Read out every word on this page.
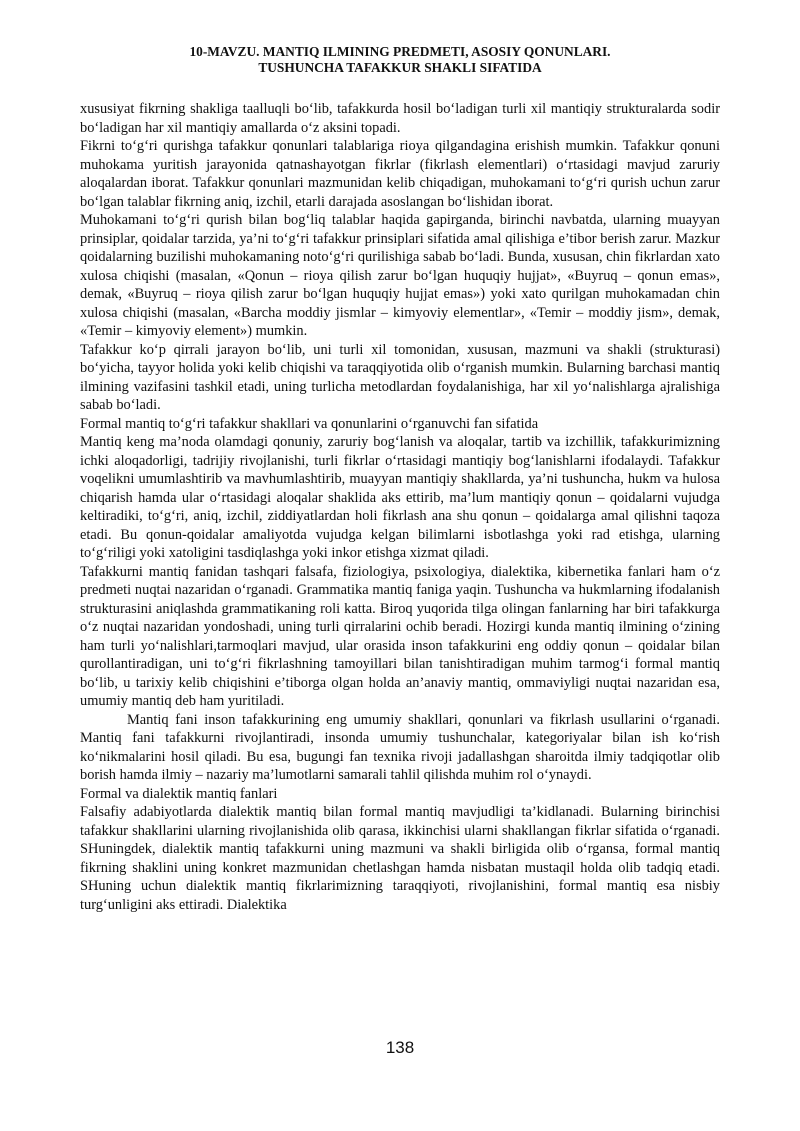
10-MAVZU. MANTIQ ILMINING PREDMETI, ASOSIY QONUNLARI.
TUSHUNCHA TAFAKKUR SHAKLI SIFATIDA

xususiyat fikrning shakliga taalluqli bo‘lib, tafakkurda hosil bo‘ladigan turli xil mantiqiy strukturalarda sodir bo‘ladigan har xil mantiqiy amallarda o‘z aksini topadi.

Fikrni to‘g‘ri qurishga tafakkur qonunlari talablariga rioya qilgandagina erishish mumkin. Tafakkur qonuni muhokama yuritish jarayonida qatnashayotgan fikrlar (fikrlash elementlari) o‘rtasidagi mavjud zaruriy aloqalardan iborat. Tafakkur qonunlari mazmunidan kelib chiqadigan, muhokamani to‘g‘ri qurish uchun zarur bo‘lgan talablar fikrning aniq, izchil, etarli darajada asoslangan bo‘lishidan iborat.

Muhokamani to‘g‘ri qurish bilan bog‘liq talablar haqida gapirganda, birinchi navbatda, ularning muayyan prinsiplar, qoidalar tarzida, ya’ni to‘g‘ri tafakkur prinsiplari sifatida amal qilishiga e’tibor berish zarur. Mazkur qoidalarning buzilishi muhokamaning noto‘g‘ri qurilishiga sabab bo‘ladi. Bunda, xususan, chin fikrlardan xato xulosa chiqishi (masalan, «Qonun – rioya qilish zarur bo‘lgan huquqiy hujjat», «Buyruq – qonun emas», demak, «Buyruq – rioya qilish zarur bo‘lgan huquqiy hujjat emas») yoki xato qurilgan muhokamadan chin xulosa chiqishi (masalan, «Barcha moddiy jismlar – kimyoviy elementlar», «Temir – moddiy jism», demak, «Temir – kimyoviy element») mumkin.

Tafakkur ko‘p qirrali jarayon bo‘lib, uni turli xil tomonidan, xususan, mazmuni va shakli (strukturasi) bo‘yicha, tayyor holida yoki kelib chiqishi va taraqqiyotida olib o‘rganish mumkin. Bularning barchasi mantiq ilmining vazifasini tashkil etadi, uning turlicha metodlardan foydalanishiga, har xil yo‘nalishlarga ajralishiga sabab bo‘ladi.

Formal mantiq to‘g‘ri tafakkur shakllari va qonunlarini o‘rganuvchi fan sifatida

Mantiq keng ma’noda olamdagi qonuniy, zaruriy bog‘lanish va aloqalar, tartib va izchillik, tafakkurimizning ichki aloqadorligi, tadrijiy rivojlanishi, turli fikrlar o‘rtasidagi mantiqiy bog‘lanishlarni ifodalaydi. Tafakkur voqelikni umumlashtirib va mavhumlashtirib, muayyan mantiqiy shakllarda, ya’ni tushuncha, hukm va hulosa chiqarish hamda ular o‘rtasidagi aloqalar shaklida aks ettirib, ma’lum mantiqiy qonun – qoidalarni vujudga keltiradiki, to‘g‘ri, aniq, izchil, ziddiyatlardan holi fikrlash ana shu qonun – qoidalarga amal qilishni taqoza etadi. Bu qonun-qoidalar amaliyotda vujudga kelgan bilimlarni isbotlashga yoki rad etishga, ularning to‘g‘riligi yoki xatoligini tasdiqlashga yoki inkor etishga xizmat qiladi.

Tafakkurni mantiq fanidan tashqari falsafa, fiziologiya, psixologiya, dialektika, kibernetika fanlari ham o‘z predmeti nuqtai nazaridan o‘rganadi. Grammatika mantiq faniga yaqin. Tushuncha va hukmlarning ifodalanish strukturasini aniqlashda grammatikaning roli katta. Biroq yuqorida tilga olingan fanlarning har biri tafakkurga o‘z nuqtai nazaridan yondoshadi, uning turli qirralarini ochib beradi. Hozirgi kunda mantiq ilmining o‘zining ham turli yo‘nalishlari,tarmoqlari mavjud, ular orasida inson tafakkurini eng oddiy qonun – qoidalar bilan qurollantiradigan, uni to‘g‘ri fikrlashning tamoyillari bilan tanishtiradigan muhim tarmog‘i formal mantiq bo‘lib, u tarixiy kelib chiqishini e’tiborga olgan holda an’anaviy mantiq, ommaviyligi nuqtai nazaridan esa, umumiy mantiq deb ham yuritiladi.

Mantiq fani inson tafakkurining eng umumiy shakllari, qonunlari va fikrlash usullarini o‘rganadi. Mantiq fani tafakkurni rivojlantiradi, insonda umumiy tushunchalar, kategoriyalar bilan ish ko‘rish ko‘nikmalarini hosil qiladi. Bu esa, bugungi fan texnika rivoji jadallashgan sharoitda ilmiy tadqiqotlar olib borish hamda ilmiy – nazariy ma’lumotlarni samarali tahlil qilishda muhim rol o‘ynaydi.

Formal va dialektik mantiq fanlari

Falsafiy adabiyotlarda dialektik mantiq bilan formal mantiq mavjudligi ta’kidlanadi. Bularning birinchisi tafakkur shakllarini ularning rivojlanishida olib qarasa, ikkinchisi ularni shakllangan fikrlar sifatida o‘rganadi. SHuningdek, dialektik mantiq tafakkurni uning mazmuni va shakli birligida olib o‘rgansa, formal mantiq fikrning shaklini uning konkret mazmunidan chetlashgan hamda nisbatan mustaqil holda olib tadqiq etadi. SHuning uchun dialektik mantiq fikrlarimizning taraqqiyoti, rivojlanishini, formal mantiq esa nisbiy turg‘unligini aks ettiradi. Dialektika

138
